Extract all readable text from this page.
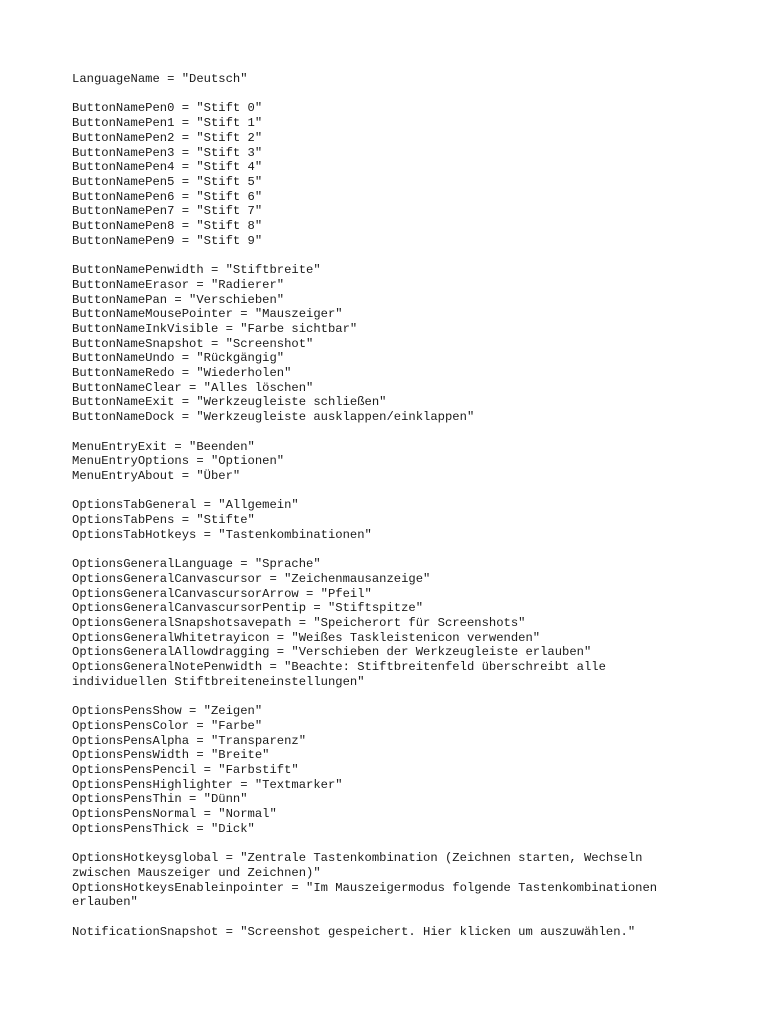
LanguageName = "Deutsch"
ButtonNamePen0 = "Stift 0"
ButtonNamePen1 = "Stift 1"
ButtonNamePen2 = "Stift 2"
ButtonNamePen3 = "Stift 3"
ButtonNamePen4 = "Stift 4"
ButtonNamePen5 = "Stift 5"
ButtonNamePen6 = "Stift 6"
ButtonNamePen7 = "Stift 7"
ButtonNamePen8 = "Stift 8"
ButtonNamePen9 = "Stift 9"
ButtonNamePenwidth = "Stiftbreite"
ButtonNameErasor = "Radierer"
ButtonNamePan = "Verschieben"
ButtonNameMousePointer = "Mauszeiger"
ButtonNameInkVisible = "Farbe sichtbar"
ButtonNameSnapshot = "Screenshot"
ButtonNameUndo = "Rückgängig"
ButtonNameRedo = "Wiederholen"
ButtonNameClear = "Alles löschen"
ButtonNameExit = "Werkzeugleiste schließen"
ButtonNameDock = "Werkzeugleiste ausklappen/einklappen"
MenuEntryExit = "Beenden"
MenuEntryOptions = "Optionen"
MenuEntryAbout = "Über"
OptionsTabGeneral = "Allgemein"
OptionsTabPens = "Stifte"
OptionsTabHotkeys = "Tastenkombinationen"
OptionsGeneralLanguage = "Sprache"
OptionsGeneralCanvascursor = "Zeichenmausanzeige"
OptionsGeneralCanvascursorArrow = "Pfeil"
OptionsGeneralCanvascursorPentip = "Stiftspitze"
OptionsGeneralSnapshotsavepath = "Speicherort für Screenshots"
OptionsGeneralWhitetrayicon = "Weißes Taskleistenicon verwenden"
OptionsGeneralAllowdragging = "Verschieben der Werkzeugleiste erlauben"
OptionsGeneralNotePenwidth = "Beachte: Stiftbreitenfeld überschreibt alle individuellen Stiftbreiteneinstellungen"
OptionsPensShow = "Zeigen"
OptionsPensColor = "Farbe"
OptionsPensAlpha = "Transparenz"
OptionsPensWidth = "Breite"
OptionsPensPencil = "Farbstift"
OptionsPensHighlighter = "Textmarker"
OptionsPensThin = "Dünn"
OptionsPensNormal = "Normal"
OptionsPensThick = "Dick"
OptionsHotkeysglobal = "Zentrale Tastenkombination (Zeichnen starten, Wechseln zwischen Mauszeiger und Zeichnen)"
OptionsHotkeysEnableinpointer = "Im Mauszeigermodus folgende Tastenkombinationen erlauben"
NotificationSnapshot = "Screenshot gespeichert. Hier klicken um auszuwählen."
